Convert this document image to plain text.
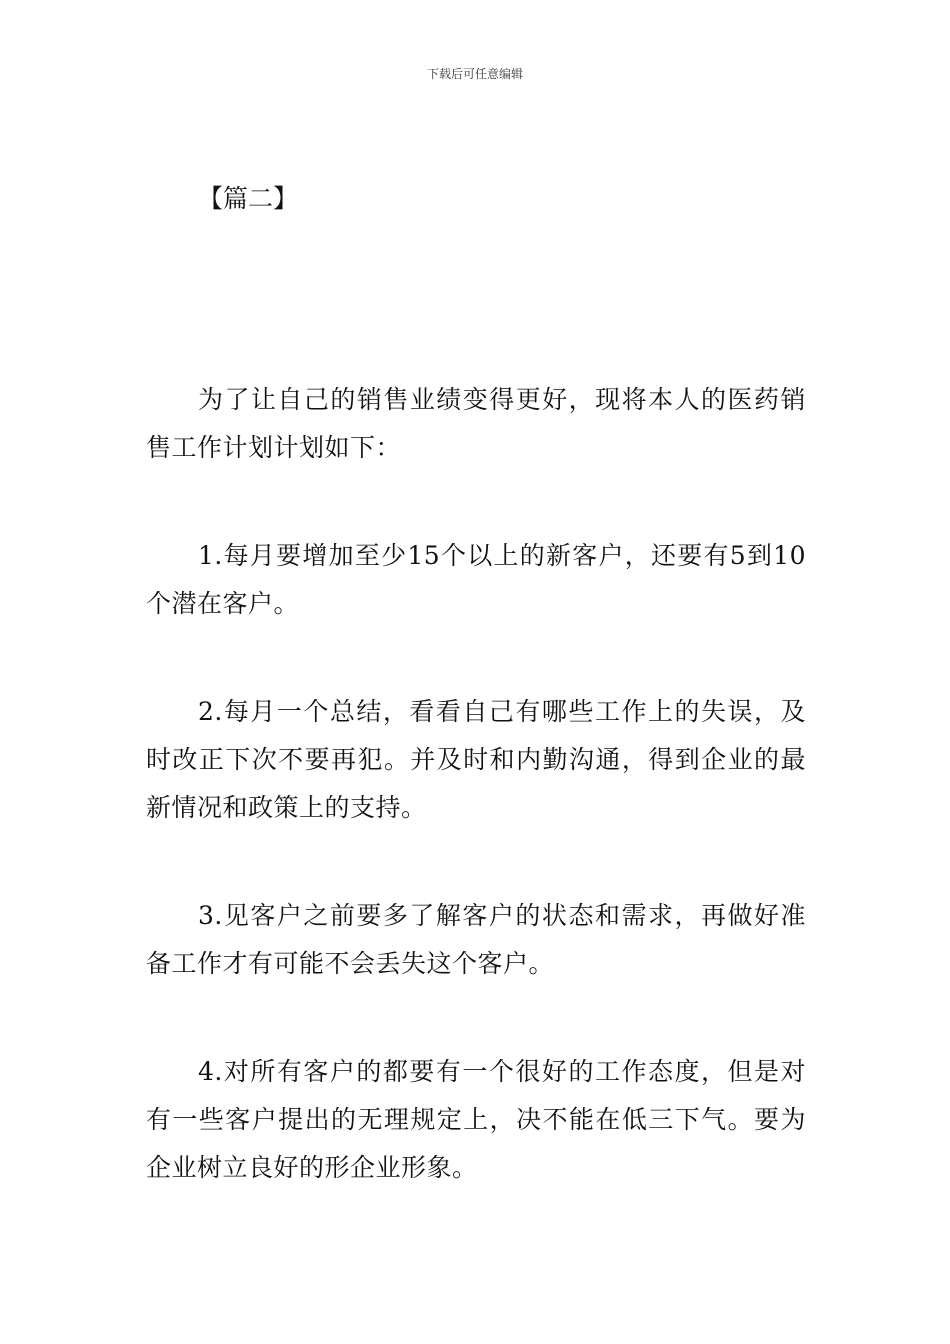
下载后可任意编辑
【篇二】

为了让自己的销售业绩变得更好，现将本人的医药销售工作计划计划如下：

1.每月要增加至少15个以上的新客户，还要有5到10个潜在客户。

2.每月一个总结，看看自己有哪些工作上的失误，及时改正下次不要再犯。并及时和内勤沟通，得到企业的最新情况和政策上的支持。

3.见客户之前要多了解客户的状态和需求，再做好准备工作才有可能不会丢失这个客户。

4.对所有客户的都要有一个很好的工作态度，但是对有一些客户提出的无理规定上，决不能在低三下气。要为企业树立良好的形企业形象。
